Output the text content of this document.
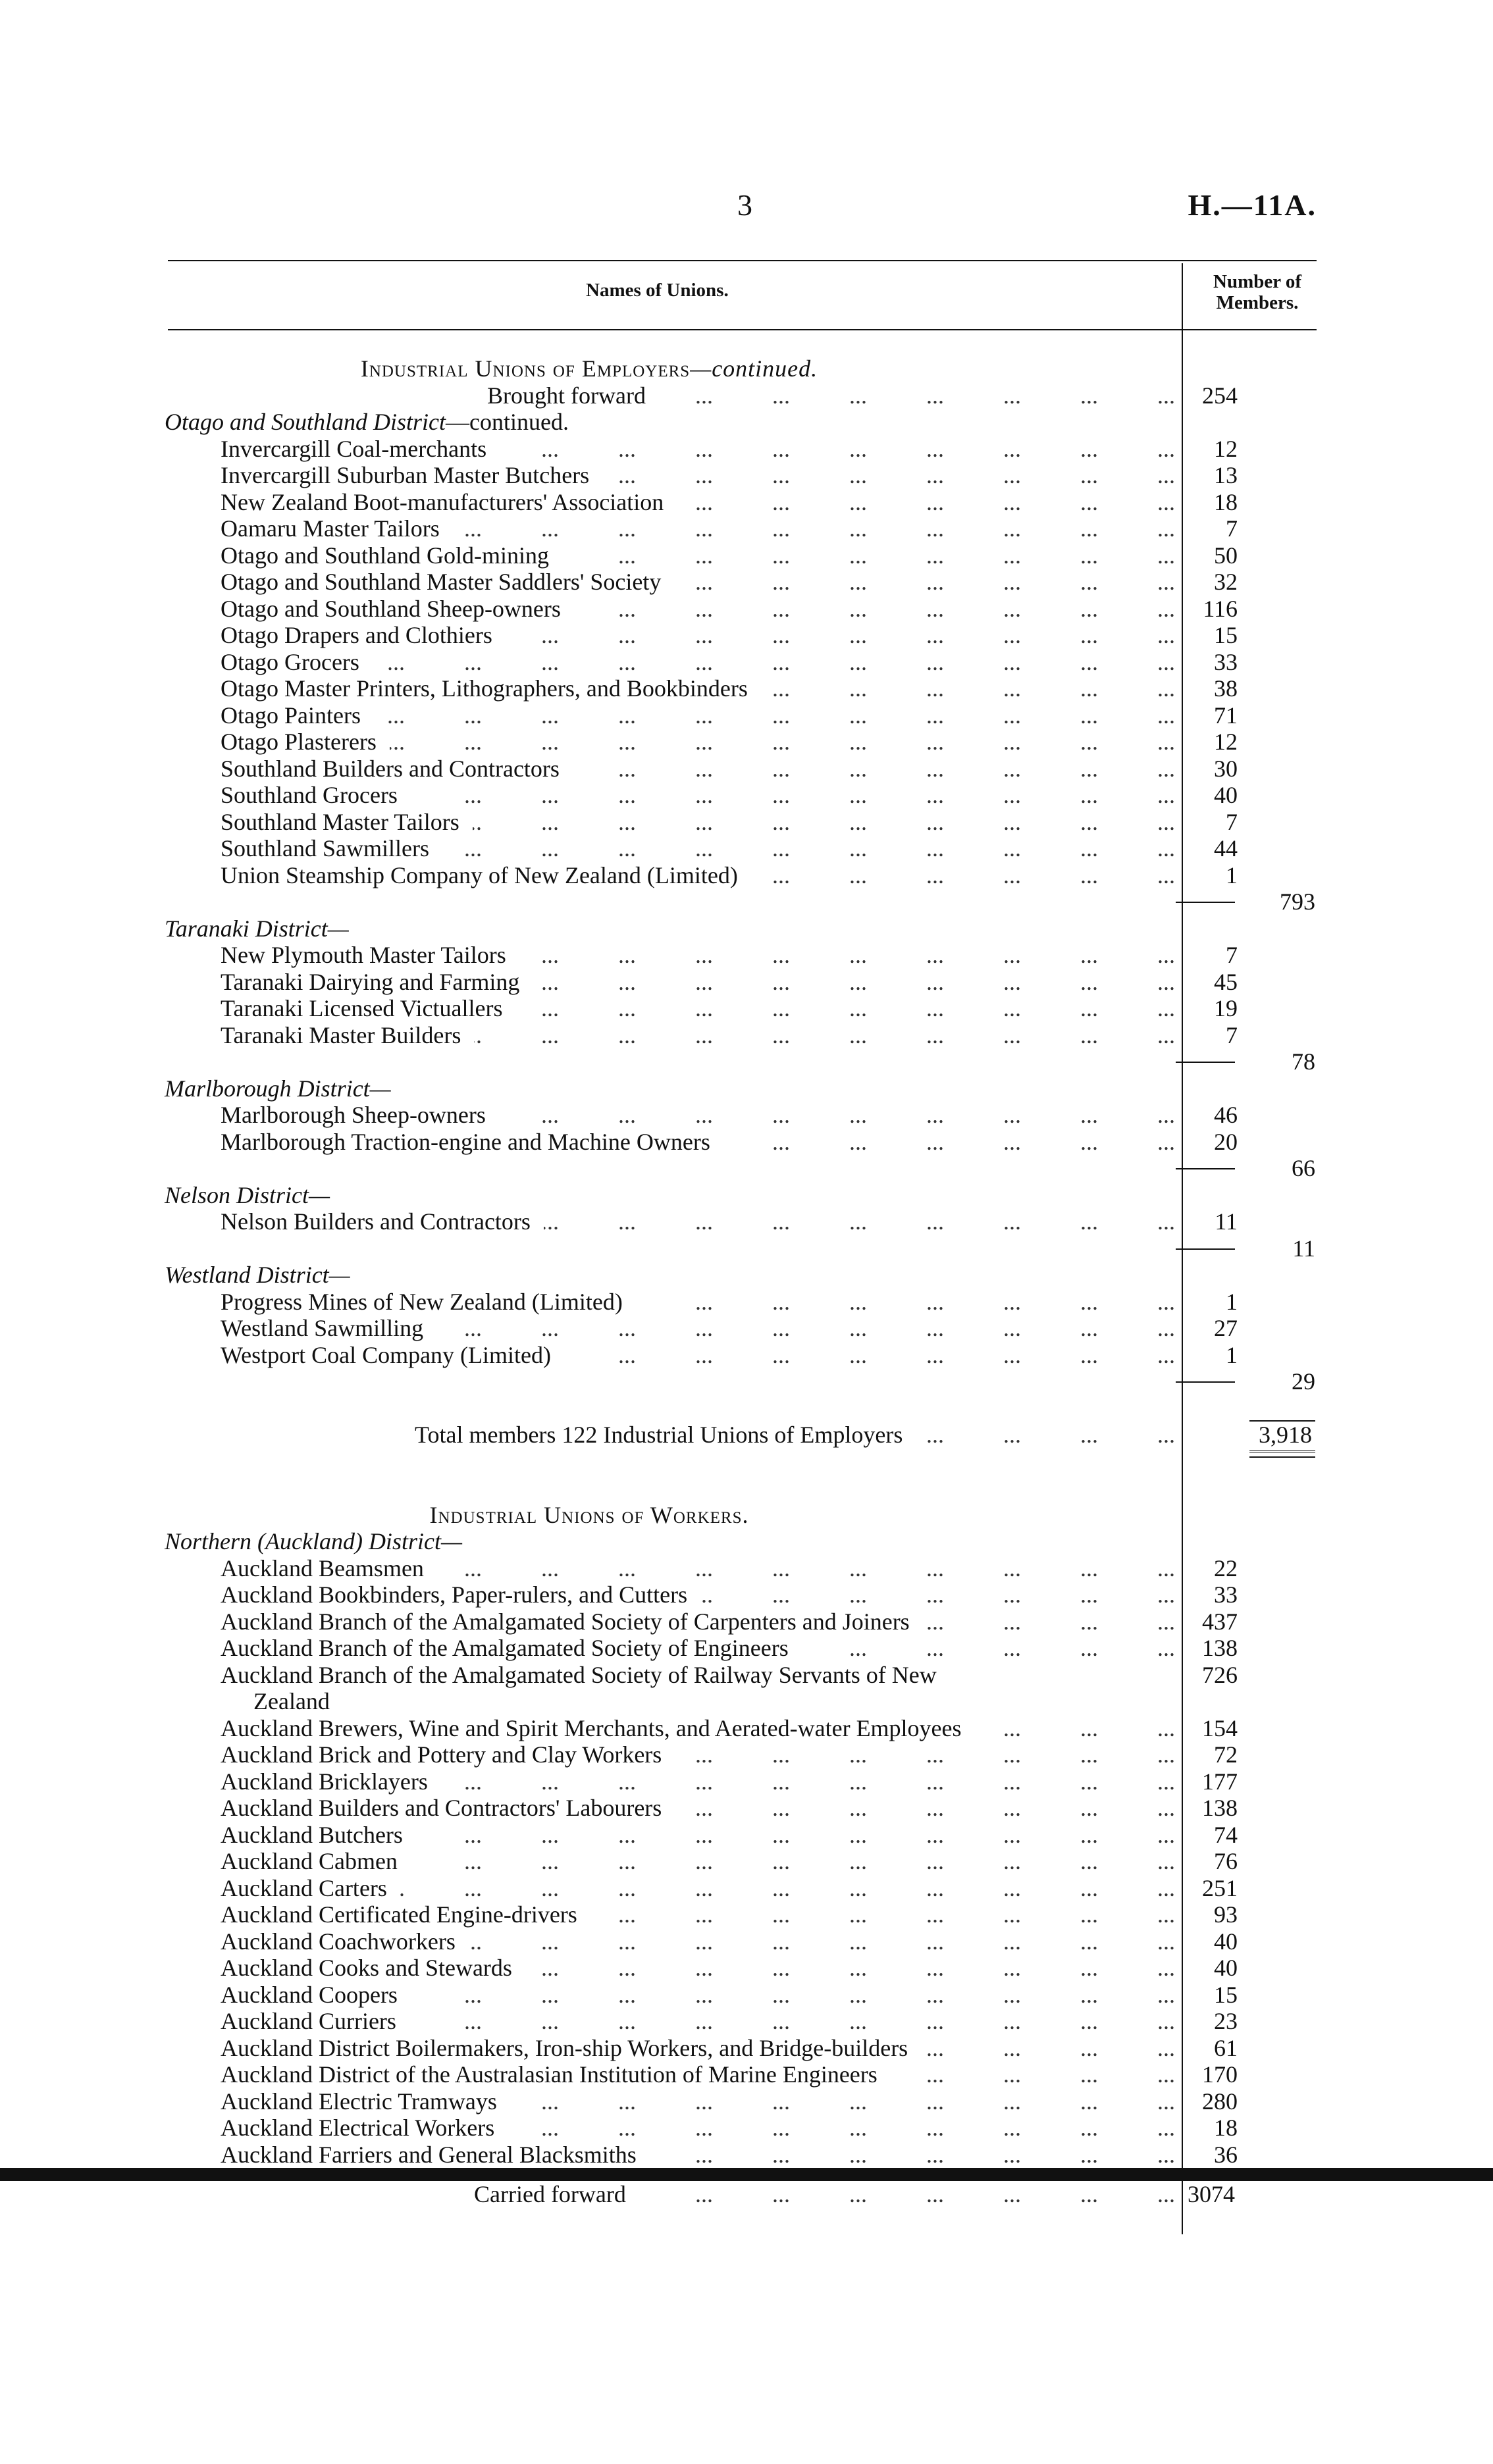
3	H.—11A.
Names of Unions.	Number of Members.
Industrial Unions of Employers —continued.
Brought forward ...	254
Otago and Southland District —continued.
Invercargill Coal-merchants ...	12
Invercargill Suburban Master Butchers ...	13
New Zealand Boot-manufacturers' Association ...	18
Oamaru Master Tailors ...	7
Otago and Southland Gold-mining ...	50
Otago and Southland Master Saddlers' Society ...	32
Otago and Southland Sheep-owners ...	116
Otago Drapers and Clothiers ...	15
Otago Grocers ...	33
Otago Master Printers, Lithographers, and Bookbinders ...	38
Otago Painters ...	71
Otago Plasterers ...	12
Southland Builders and Contractors ...	30
Southland Grocers ...	40
Southland Master Tailors ...	7
Southland Sawmillers ...	44
Union Steamship Company of New Zealand (Limited) ...	1
793
Taranaki District—
New Plymouth Master Tailors ...	7
Taranaki Dairying and Farming ...	45
Taranaki Licensed Victuallers ...	19
Taranaki Master Builders ...	7
78
Marlborough District—
Marlborough Sheep-owners ...	46
Marlborough Traction-engine and Machine Owners ...	20
66
Nelson District—
Nelson Builders and Contractors ...	11
11
Westland District—
Progress Mines of New Zealand (Limited) ...	1
Westland Sawmilling ...	27
Westport Coal Company (Limited) ...	1
29
Total members 122 Industrial Unions of Employers ...	3,918
Industrial Unions of Workers.
Northern (Auckland) District—
Auckland Beamsmen ...	22
Auckland Bookbinders, Paper-rulers, and Cutters ...	33
Auckland Branch of the Amalgamated Society of Carpenters and Joiners ...	437
Auckland Branch of the Amalgamated Society of Engineers ...	138
Auckland Branch of the Amalgamated Society of Railway Servants of New	726
Zealand
Auckland Brewers, Wine and Spirit Merchants, and Aerated-water Employees ...	154
Auckland Brick and Pottery and Clay Workers ...	72
Auckland Bricklayers ...	177
Auckland Builders and Contractors' Labourers ...	138
Auckland Butchers ...	74
Auckland Cabmen ...	76
Auckland Carters ...	251
Auckland Certificated Engine-drivers ...	93
Auckland Coachworkers ...	40
Auckland Cooks and Stewards ...	40
Auckland Coopers ...	15
Auckland Curriers ...	23
Auckland District Boilermakers, Iron-ship Workers, and Bridge-builders ...	61
Auckland District of the Australasian Institution of Marine Engineers ...	170
Auckland Electric Tramways ...	280
Auckland Electrical Workers ...	18
Auckland Farriers and General Blacksmiths ...	36
Carried forward ...	3074
